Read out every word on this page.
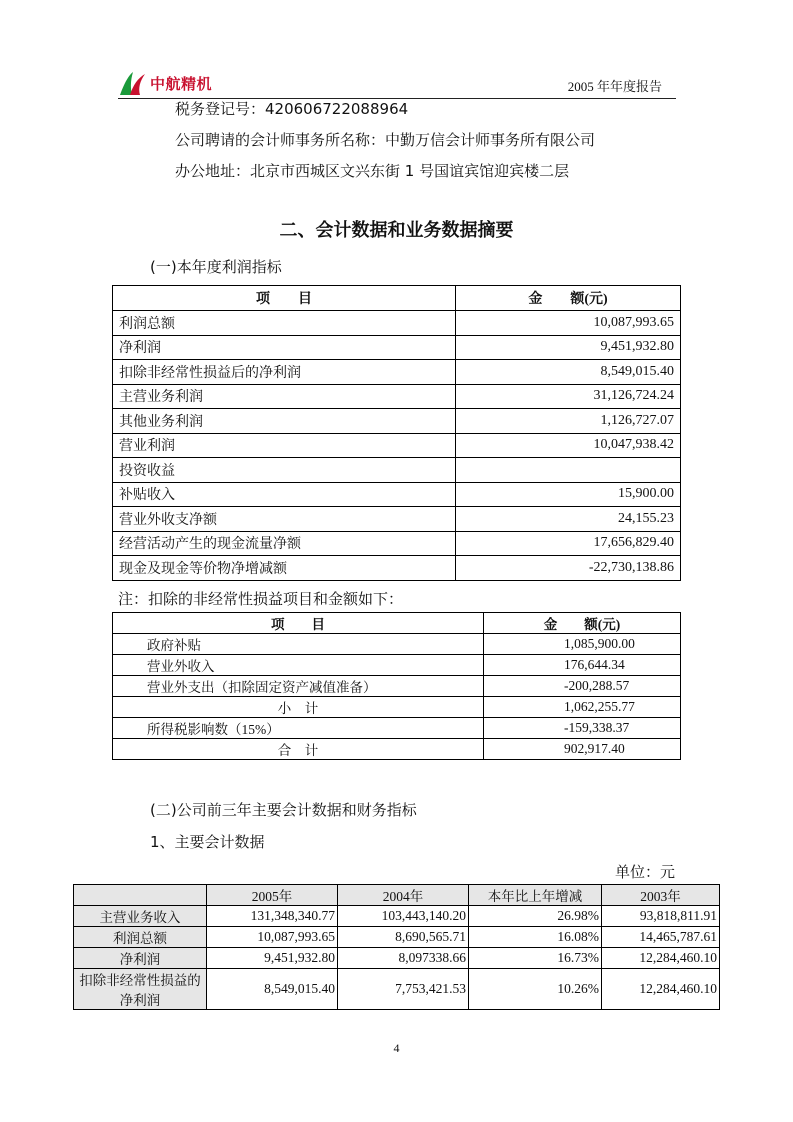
中航精机	2005 年年度报告
税务登记号：420606722088964
公司聘请的会计师事务所名称：中勤万信会计师事务所有限公司
办公地址：北京市西城区文兴东街 1 号国谊宾馆迎宾楼二层
二、会计数据和业务数据摘要
(一)本年度利润指标
项　　目	金　　额(元)
利润总额	10,087,993.65
净利润	9,451,932.80
扣除非经常性损益后的净利润	8,549,015.40
主营业务利润	31,126,724.24
其他业务利润	1,126,727.07
营业利润	10,047,938.42
投资收益	
补贴收入	15,900.00
营业外收支净额	24,155.23
经营活动产生的现金流量净额	17,656,829.40
现金及现金等价物净增减额	-22,730,138.86
注：扣除的非经常性损益项目和金额如下：
项　　目	金　　额(元)
政府补贴	1,085,900.00
营业外收入	176,644.34
营业外支出（扣除固定资产减值准备）	-200,288.57
小　计	1,062,255.77
所得税影响数（15%）	-159,338.37
合　计	902,917.40
(二)公司前三年主要会计数据和财务指标
1、主要会计数据
单位：元
	2005年	2004年	本年比上年增减	2003年
主营业务收入	131,348,340.77	103,443,140.20	26.98%	93,818,811.91
利润总额	10,087,993.65	8,690,565.71	16.08%	14,465,787.61
净利润	9,451,932.80	8,097338.66	16.73%	12,284,460.10
扣除非经常性损益的净利润	8,549,015.40	7,753,421.53	10.26%	12,284,460.10
4
